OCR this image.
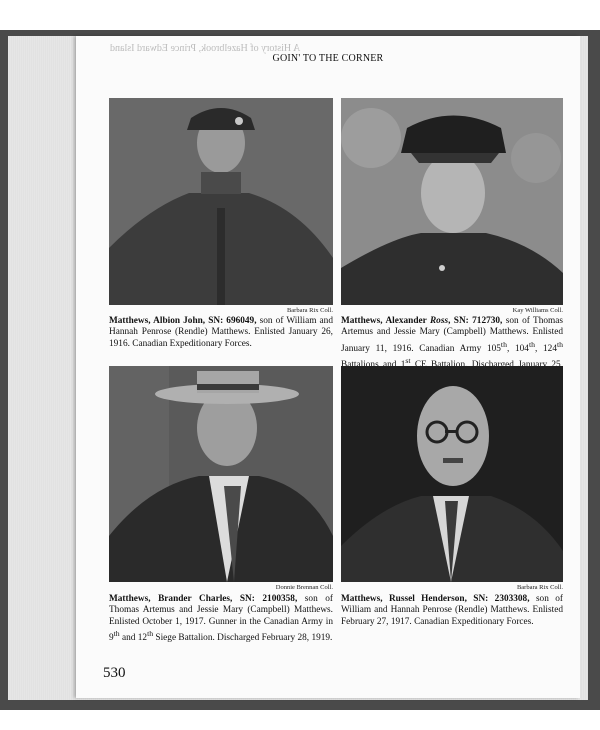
A History of Hazelbrook, Prince Edward Island
GOIN' TO THE CORNER
Barbara Rix Coll.
Matthews, Albion John, SN: 696049, son of William and Hannah Penrose (Rendle) Matthews. Enlisted January 26, 1916. Canadian Expeditionary Forces.
Kay Williams Coll.
Matthews, Alexander Ross, SN: 712730, son of Thomas Artemus and Jessie Mary (Campbell) Matthews. Enlisted January 11, 1916. Canadian Army 105th, 104th, $124^{thst}$
Donnie Brennan Coll.
Matthews, Brander Charles, SN: 2100358, son of Thomas Artemus and Jessie Mary (Campbell) Matthews. Enlisted October 1, 1917. Gunner in the Canadian Army in 9th and 12th Siege Battalion. Discharged February 28, 1919.
Barbara Rix Coll.
Matthews, Russel Henderson, SN: 2303308, son of William and Hannah Penrose (Rendle) Matthews. Enlisted February 27, 1917. Canadian Expeditionary Forces.
530
